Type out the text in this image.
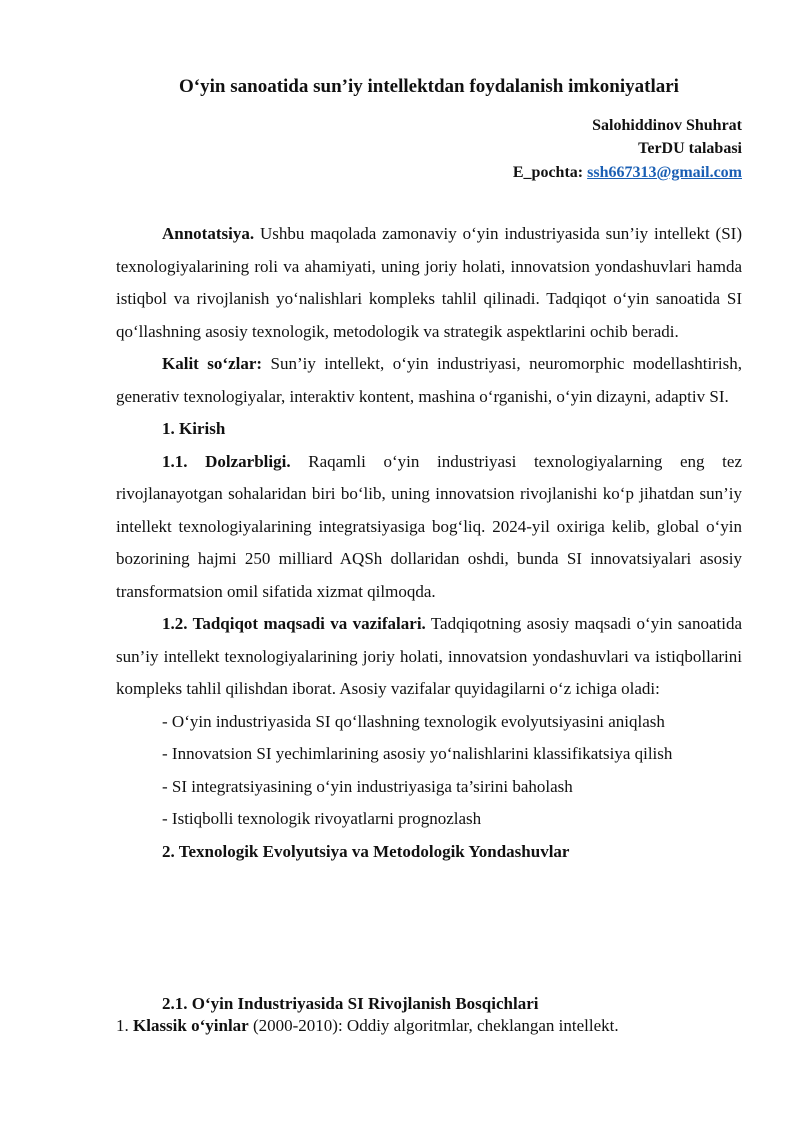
O‘yin sanoatida sun’iy intellektdan foydalanish imkoniyatlari
Salohiddinov Shuhrat
TerDU talabasi
E_pochta: ssh667313@gmail.com

Annotatsiya. Ushbu maqolada zamonaviy o‘yin industriyasida sun’iy intellekt (SI) texnologiyalarining roli va ahamiyati, uning joriy holati, innovatsion yondashuvlari hamda istiqbol va rivojlanish yo‘nalishlari kompleks tahlil qilinadi. Tadqiqot o‘yin sanoatida SI qo‘llashning asosiy texnologik, metodologik va strategik aspektlarini ochib beradi.

Kalit so‘zlar: Sun’iy intellekt, o‘yin industriyasi, neuromorphic modellashtirish, generativ texnologiyalar, interaktiv kontent, mashina o‘rganishi, o‘yin dizayni, adaptiv SI.

1. Kirish

1.1. Dolzarbligi. Raqamli o‘yin industriyasi texnologiyalarning eng tez rivojlanayotgan sohalaridan biri bo‘lib, uning innovatsion rivojlanishi ko‘p jihatdan sun’iy intellekt texnologiyalarining integratsiyasiga bog‘liq. 2024-yil oxiriga kelib, global o‘yin bozorining hajmi 250 milliard AQSh dollaridan oshdi, bunda SI innovatsiyalari asosiy transformatsion omil sifatida xizmat qilmoqda.

1.2. Tadqiqot maqsadi va vazifalari. Tadqiqotning asosiy maqsadi o‘yin sanoatida sun’iy intellekt texnologiyalarining joriy holati, innovatsion yondashuvlari va istiqbollarini kompleks tahlil qilishdan iborat. Asosiy vazifalar quyidagilarni o‘z ichiga oladi:

- O‘yin industriyasida SI qo‘llashning texnologik evolyutsiyasini aniqlash

- Innovatsion SI yechimlarining asosiy yo‘nalishlarini klassifikatsiya qilish

- SI integratsiyasining o‘yin industriyasiga ta’sirini baholash

- Istiqbolli texnologik rivoyatlarni prognozlash

2. Texnologik Evolyutsiya va Metodologik Yondashuvlar

2.1. O‘yin Industriyasida SI Rivojlanish Bosqichlari

1. Klassik o‘yinlar (2000-2010): Oddiy algoritmlar, cheklangan intellekt.
